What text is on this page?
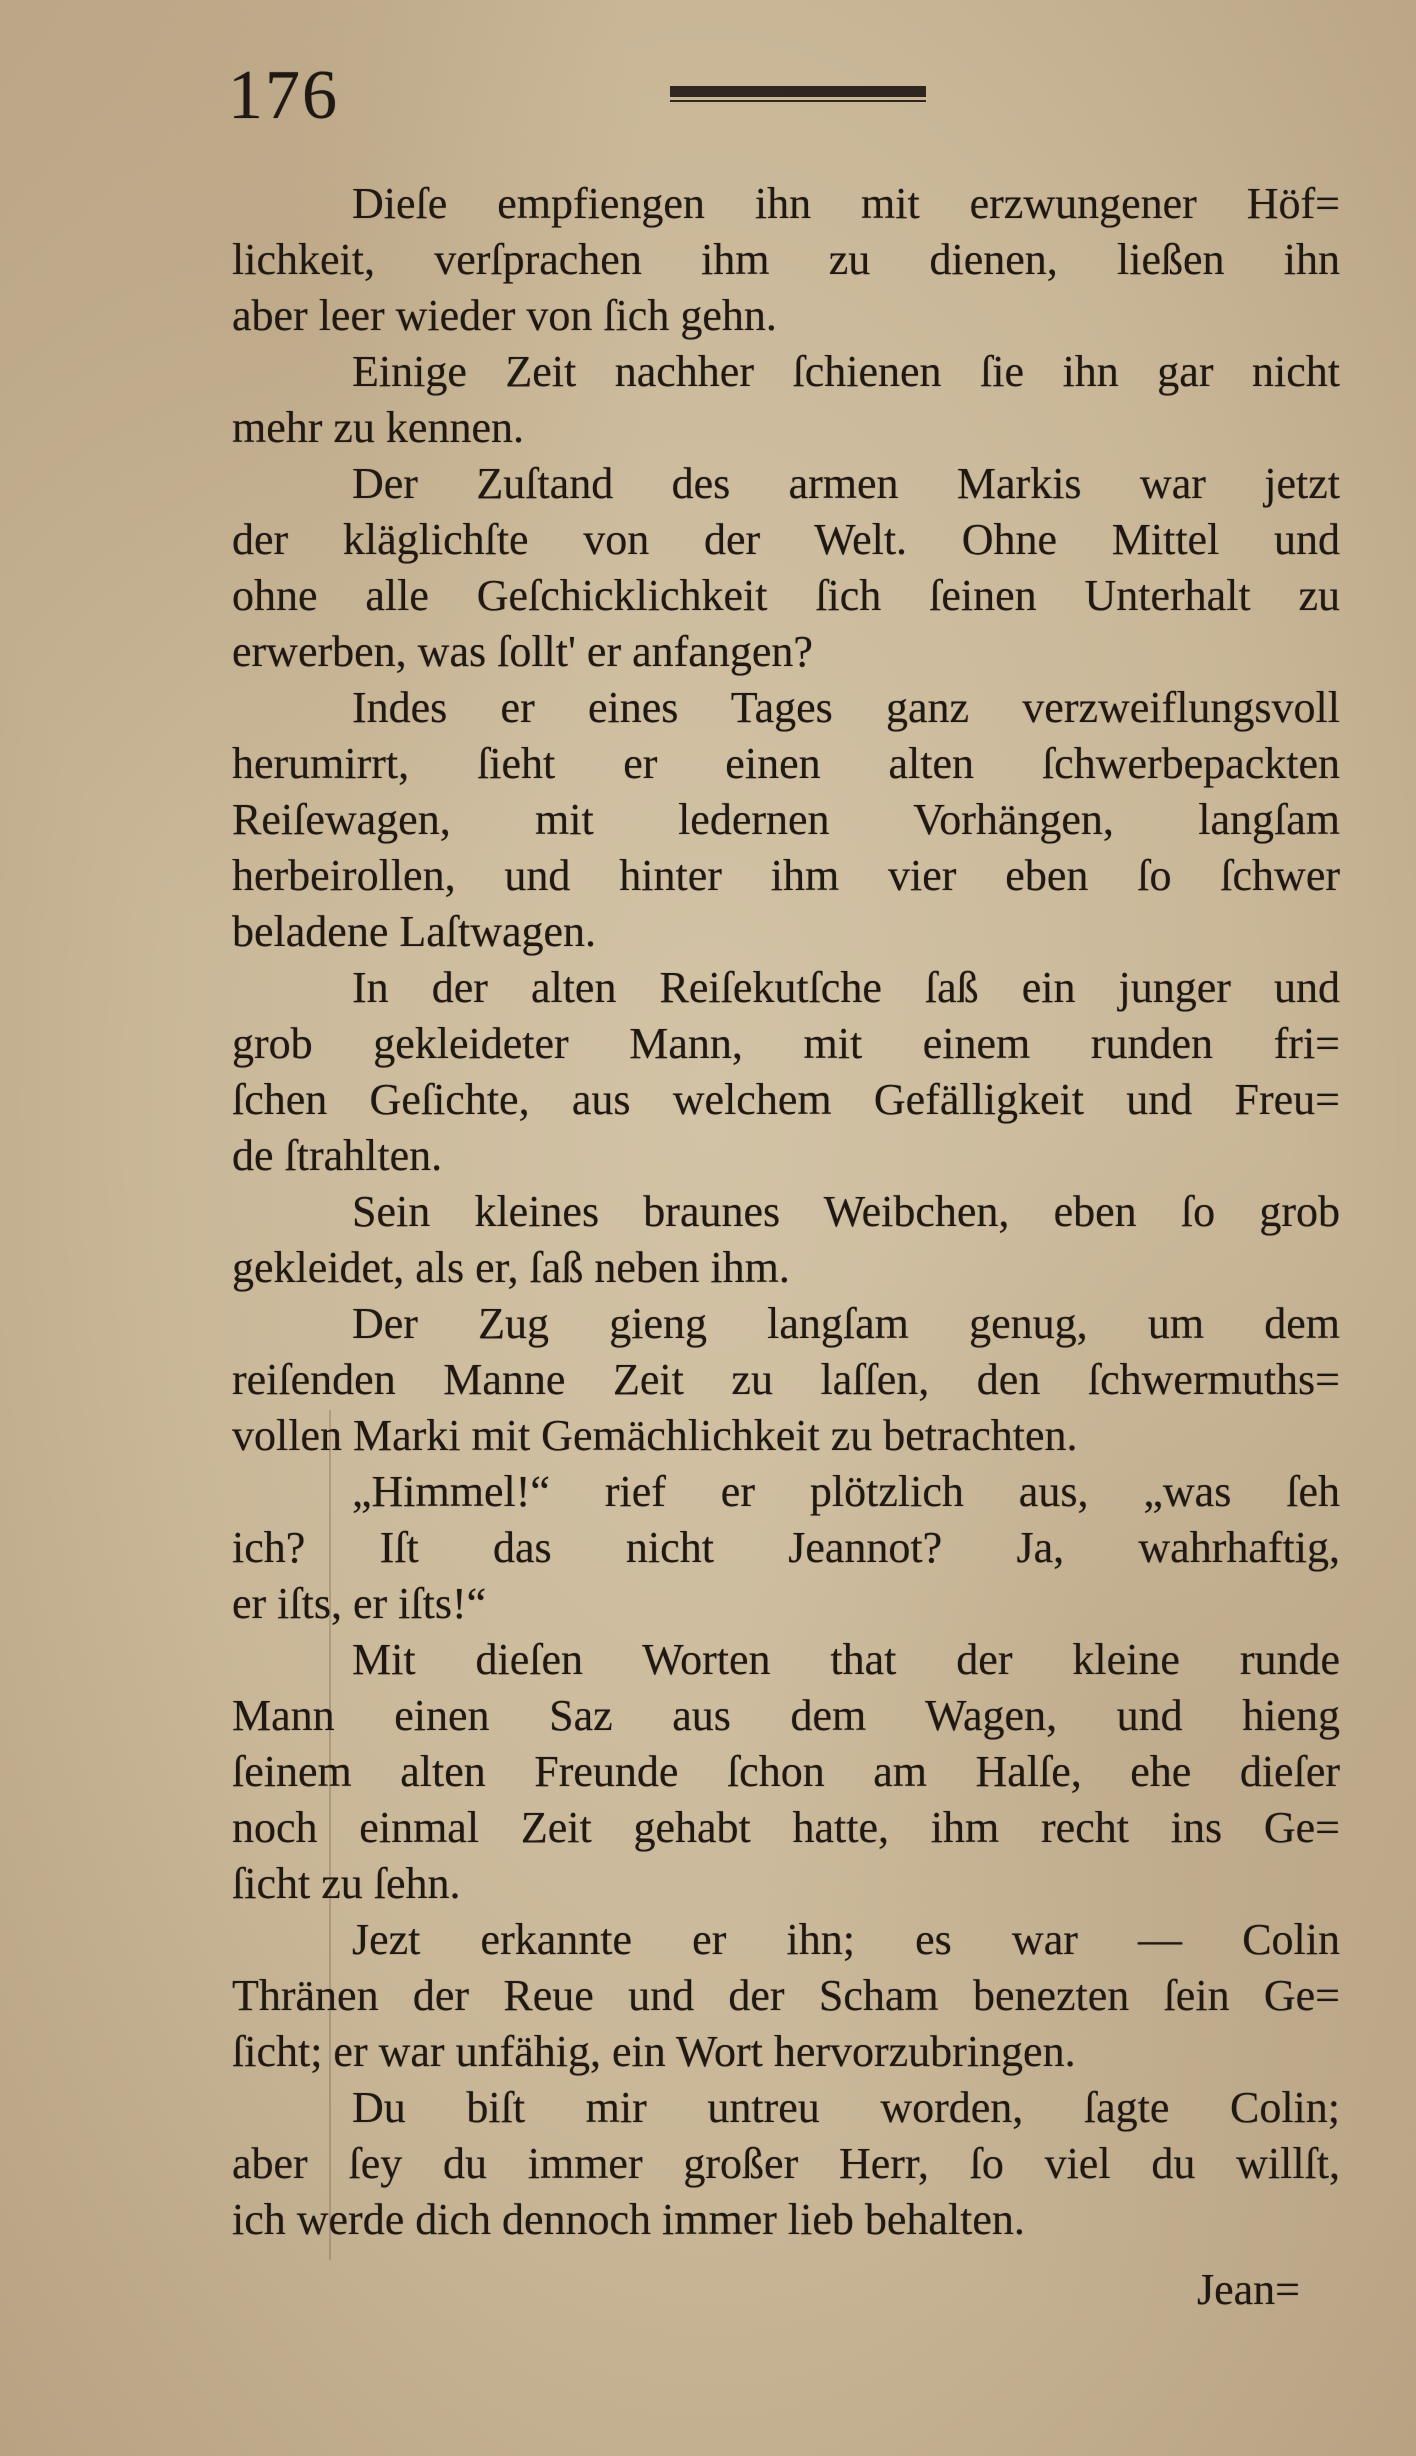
176
Dieſe empfiengen ihn mit erzwungener Höf=
lichkeit, verſprachen ihm zu dienen, ließen ihn
aber leer wieder von ſich gehn.
Einige Zeit nachher ſchienen ſie ihn gar nicht
mehr zu kennen.
Der Zuſtand des armen Markis war jetzt
der kläglichſte von der Welt. Ohne Mittel und
ohne alle Geſchicklichkeit ſich ſeinen Unterhalt zu
erwerben, was ſollt' er anfangen?
Indes er eines Tages ganz verzweiflungsvoll
herumirrt, ſieht er einen alten ſchwerbepackten
Reiſewagen, mit ledernen Vorhängen, langſam
herbeirollen, und hinter ihm vier eben ſo ſchwer
beladene Laſtwagen.
In der alten Reiſekutſche ſaß ein junger und
grob gekleideter Mann, mit einem runden fri=
ſchen Geſichte, aus welchem Gefälligkeit und Freu=
de ſtrahlten.
Sein kleines braunes Weibchen, eben ſo grob
gekleidet, als er, ſaß neben ihm.
Der Zug gieng langſam genug, um dem
reiſenden Manne Zeit zu laſſen, den ſchwermuths=
vollen Marki mit Gemächlichkeit zu betrachten.
„Himmel!“ rief er plötzlich aus, „was ſeh
ich? Iſt das nicht Jeannot? Ja, wahrhaftig,
er iſts, er iſts!“
Mit dieſen Worten that der kleine runde
Mann einen Saz aus dem Wagen, und hieng
ſeinem alten Freunde ſchon am Halſe, ehe dieſer
noch einmal Zeit gehabt hatte, ihm recht ins Ge=
ſicht zu ſehn.
Jezt erkannte er ihn; es war — Colin
Thränen der Reue und der Scham benezten ſein Ge=
ſicht; er war unfähig, ein Wort hervorzubringen.
Du biſt mir untreu worden, ſagte Colin;
aber ſey du immer großer Herr, ſo viel du willſt,
ich werde dich dennoch immer lieb behalten.
Jean=
